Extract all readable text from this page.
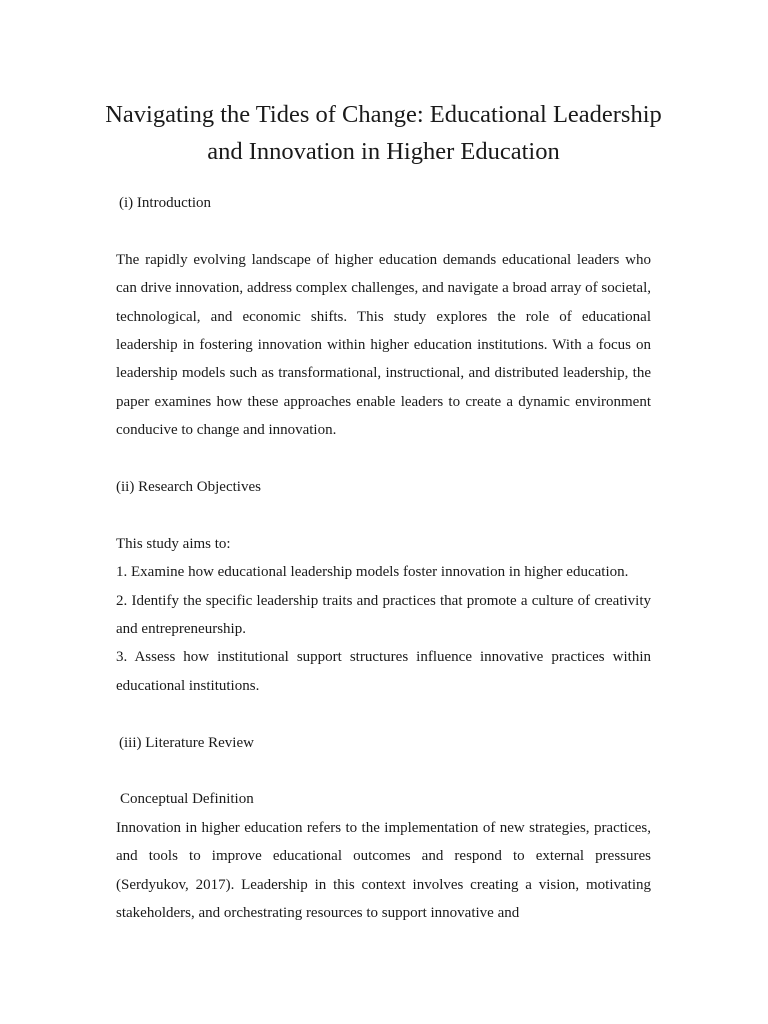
Navigating the Tides of Change: Educational Leadership and Innovation in Higher Education

(i) Introduction

The rapidly evolving landscape of higher education demands educational leaders who can drive innovation, address complex challenges, and navigate a broad array of societal, technological, and economic shifts. This study explores the role of educational leadership in fostering innovation within higher education institutions. With a focus on leadership models such as transformational, instructional, and distributed leadership, the paper examines how these approaches enable leaders to create a dynamic environment conducive to change and innovation.

(ii) Research Objectives

This study aims to:

1. Examine how educational leadership models foster innovation in higher education.

2. Identify the specific leadership traits and practices that promote a culture of creativity and entrepreneurship.

3. Assess how institutional support structures influence innovative practices within educational institutions.

(iii) Literature Review

Conceptual Definition

Innovation in higher education refers to the implementation of new strategies, practices, and tools to improve educational outcomes and respond to external pressures (Serdyukov, 2017). Leadership in this context involves creating a vision, motivating stakeholders, and orchestrating resources to support innovative and
